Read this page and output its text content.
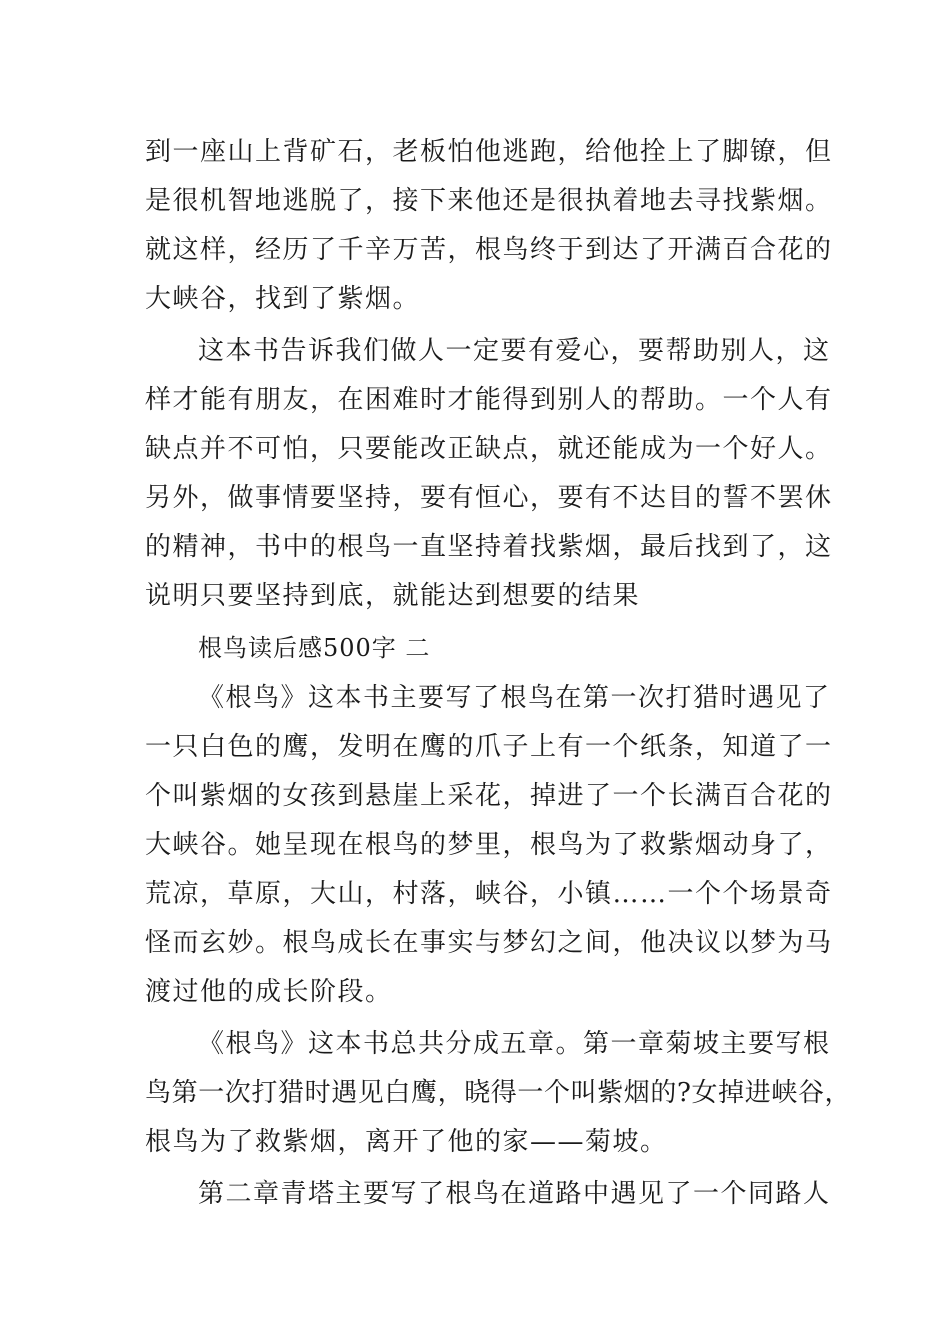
到一座山上背矿石，老板怕他逃跑，给他拴上了脚镣，但
是很机智地逃脱了，接下来他还是很执着地去寻找紫烟。
就这样，经历了千辛万苦，根鸟终于到达了开满百合花的
大峡谷，找到了紫烟。
这本书告诉我们做人一定要有爱心，要帮助别人，这
样才能有朋友，在困难时才能得到别人的帮助。一个人有
缺点并不可怕，只要能改正缺点，就还能成为一个好人。
另外，做事情要坚持，要有恒心，要有不达目的誓不罢休
的精神，书中的根鸟一直坚持着找紫烟，最后找到了，这
说明只要坚持到底，就能达到想要的结果
根鸟读后感500字 二
《根鸟》这本书主要写了根鸟在第一次打猎时遇见了
一只白色的鹰，发明在鹰的爪子上有一个纸条，知道了一
个叫紫烟的女孩到悬崖上采花，掉进了一个长满百合花的
大峡谷。她呈现在根鸟的梦里，根鸟为了救紫烟动身了，
荒凉，草原，大山，村落，峡谷，小镇……一个个场景奇
怪而玄妙。根鸟成长在事实与梦幻之间，他决议以梦为马
渡过他的成长阶段。
《根鸟》这本书总共分成五章。第一章菊坡主要写根
鸟第一次打猎时遇见白鹰，晓得一个叫紫烟的?女掉进峡谷，
根鸟为了救紫烟，离开了他的家——菊坡。
第二章青塔主要写了根鸟在道路中遇见了一个同路人
